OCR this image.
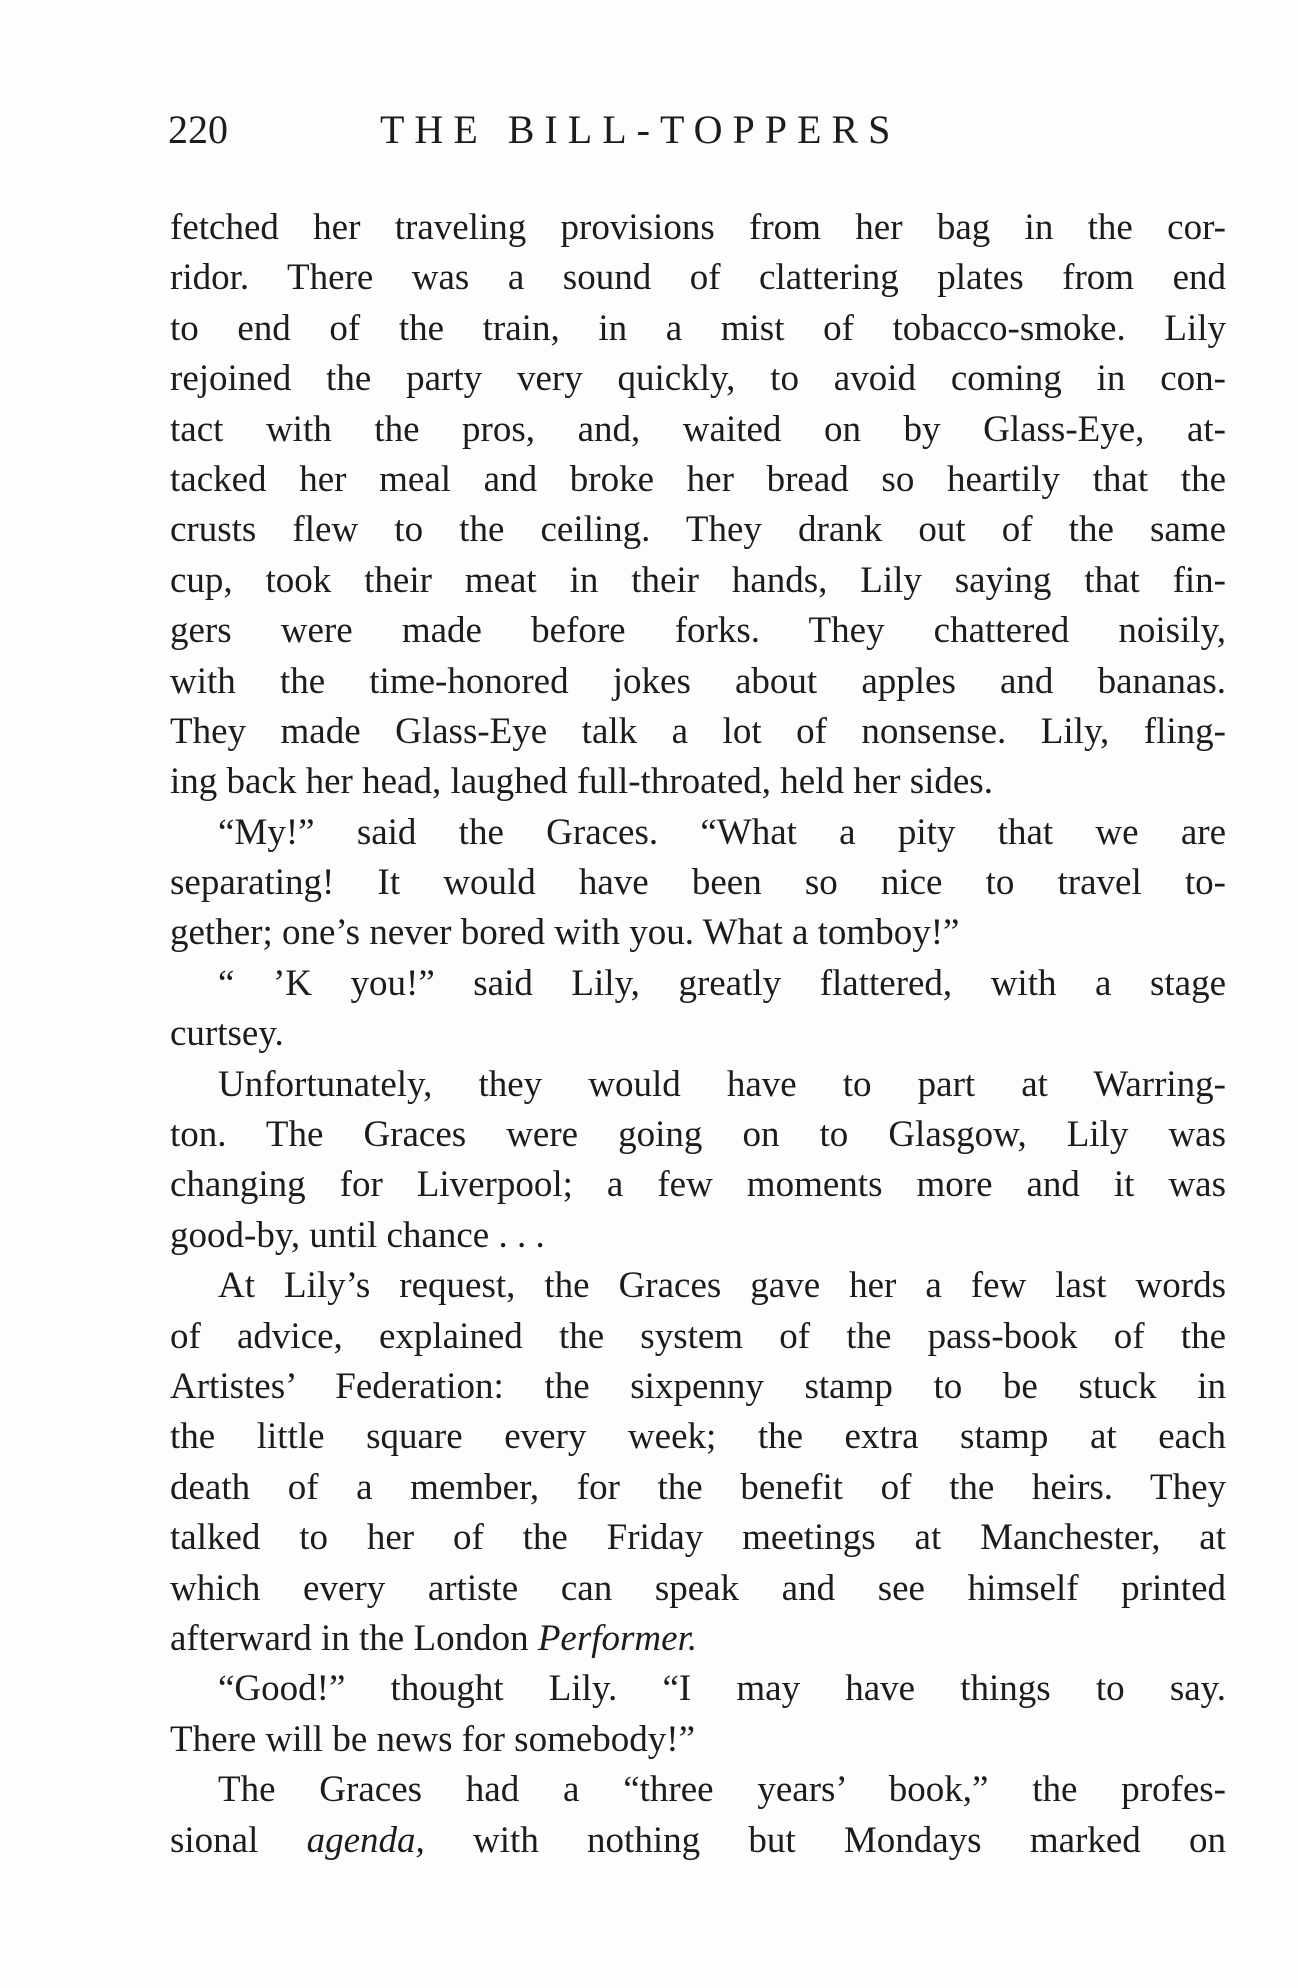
220	THE BILL-TOPPERS
fetched her traveling provisions from her bag in the cor-
ridor. There was a sound of clattering plates from end
to end of the train, in a mist of tobacco-smoke. Lily
rejoined the party very quickly, to avoid coming in con-
tact with the pros, and, waited on by Glass-Eye, at-
tacked her meal and broke her bread so heartily that the
crusts flew to the ceiling. They drank out of the same
cup, took their meat in their hands, Lily saying that fin-
gers were made before forks. They chattered noisily,
with the time-honored jokes about apples and bananas.
They made Glass-Eye talk a lot of nonsense. Lily, fling-
ing back her head, laughed full-throated, held her sides.
“My!” said the Graces. “What a pity that we are
separating! It would have been so nice to travel to-
gether; one’s never bored with you. What a tomboy!”
“ ’K you!” said Lily, greatly flattered, with a stage
curtsey.
Unfortunately, they would have to part at Warring-
ton. The Graces were going on to Glasgow, Lily was
changing for Liverpool; a few moments more and it was
good-by, until chance . . .
At Lily’s request, the Graces gave her a few last words
of advice, explained the system of the pass-book of the
Artistes’ Federation: the sixpenny stamp to be stuck in
the little square every week; the extra stamp at each
death of a member, for the benefit of the heirs. They
talked to her of the Friday meetings at Manchester, at
which every artiste can speak and see himself printed
afterward in the London Performer.
“Good!” thought Lily. “I may have things to say.
There will be news for somebody!”
The Graces had a “three years’ book,” the profes-
sional agenda, with nothing but Mondays marked on
